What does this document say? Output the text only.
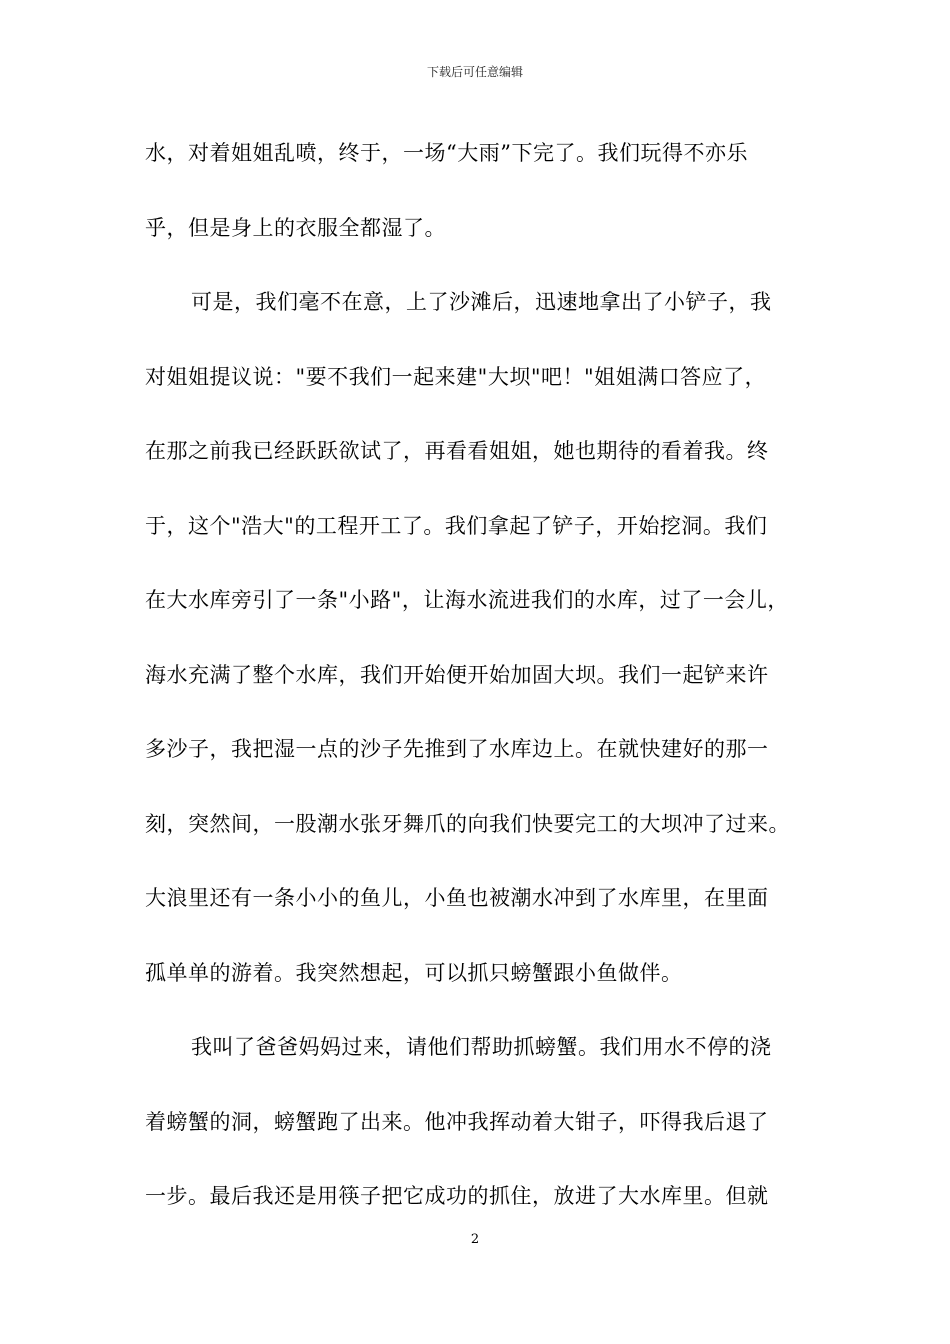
下载后可任意编辑
水，对着姐姐乱喷，终于，一场“大雨”下完了。我们玩得不亦乐
乎，但是身上的衣服全都湿了。
可是，我们毫不在意，上了沙滩后，迅速地拿出了小铲子，我
对姐姐提议说："要不我们一起来建"大坝"吧！"姐姐满口答应了，
在那之前我已经跃跃欲试了，再看看姐姐，她也期待的看着我。终
于，这个"浩大"的工程开工了。我们拿起了铲子，开始挖洞。我们
在大水库旁引了一条"小路"，让海水流进我们的水库，过了一会儿，
海水充满了整个水库，我们开始便开始加固大坝。我们一起铲来许
多沙子，我把湿一点的沙子先推到了水库边上。在就快建好的那一
刻，突然间，一股潮水张牙舞爪的向我们快要完工的大坝冲了过来。
大浪里还有一条小小的鱼儿，小鱼也被潮水冲到了水库里，在里面
孤单单的游着。我突然想起，可以抓只螃蟹跟小鱼做伴。
我叫了爸爸妈妈过来，请他们帮助抓螃蟹。我们用水不停的浇
着螃蟹的洞，螃蟹跑了出来。他冲我挥动着大钳子，吓得我后退了
一步。最后我还是用筷子把它成功的抓住，放进了大水库里。但就
2
